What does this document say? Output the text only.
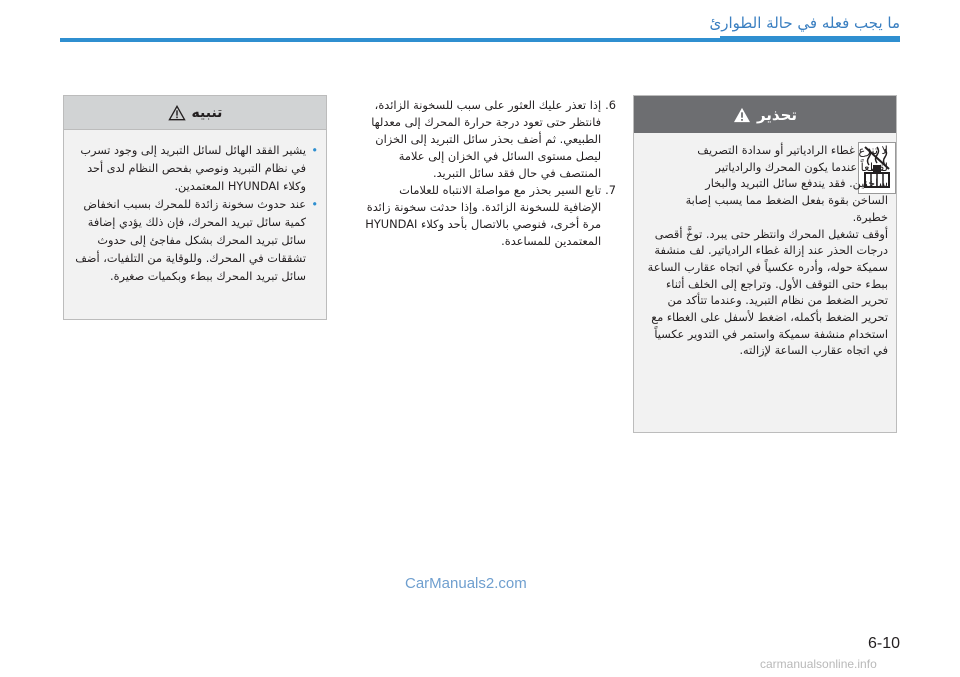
ما يجب فعله في حالة الطوارئ
تحذير
لا تنزع غطاء الرادياتير أو سدادة التصريف لقطعاً عندما يكون المحرك والرادياتير ساخنين. فقد يندفع سائل التبريد والبخار الساخن بقوة بفعل الضغط مما يسبب إصابة خطيرة.
أوقف تشغيل المحرك وانتظر حتى يبرد. توخَّ أقصى درجات الحذر عند إزالة غطاء الرادياتير. لف منشفة سميكة حوله، وأدره عكسياً في اتجاه عقارب الساعة ببطء حتى التوقف الأول. وتراجع إلى الخلف أثناء تحرير الضغط من نظام التبريد. وعندما تتأكد من تحرير الضغط بأكمله، اضغط لأسفل على الغطاء مع استخدام منشفة سميكة واستمر في التدوير عكسياً في اتجاه عقارب الساعة لإزالته.
6.
إذا تعذر عليك العثور على سبب للسخونة الزائدة، فانتظر حتى تعود درجة حرارة المحرك إلى معدلها الطبيعي. ثم أضف بحذر سائل التبريد إلى الخزان ليصل مستوى السائل في الخزان إلى علامة المنتصف في حال فقد سائل التبريد.
7.
تابع السير بحذر مع مواصلة الانتباه للعلامات الإضافية للسخونة الزائدة. وإذا حدثت سخونة زائدة مرة أخرى، فنوصي بالاتصال بأحد وكلاء HYUNDAI المعتمدين للمساعدة.
تنبيه
•
يشير الفقد الهائل لسائل التبريد إلى وجود تسرب في نظام التبريد ونوصي بفحص النظام لدى أحد وكلاء HYUNDAI المعتمدين.
•
عند حدوث سخونة زائدة للمحرك بسبب انخفاض كمية سائل تبريد المحرك، فإن ذلك يؤدي إضافة سائل تبريد المحرك بشكل مفاجئ إلى حدوث تشققات في المحرك. وللوقاية من التلفيات، أضف سائل تبريد المحرك ببطء وبكميات صغيرة.
CarManuals2.com
6-10
carmanualsonline.info
